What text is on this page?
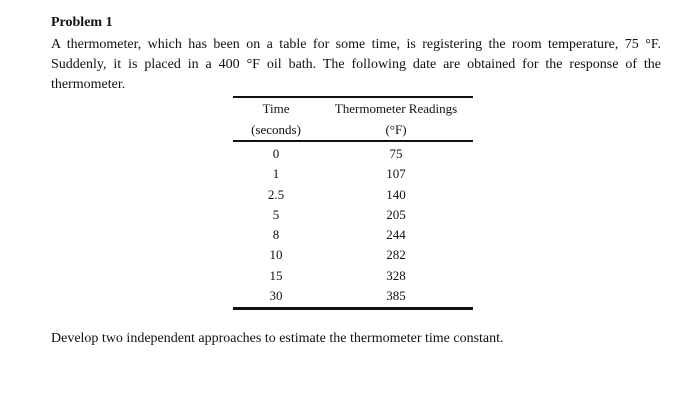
Problem 1

A thermometer, which has been on a table for some time, is registering the room temperature, 75 °F. Suddenly, it is placed in a 400 °F oil bath. The following date are obtained for the response of the thermometer.

Time	Thermometer Readings
(seconds)	(°F)
0	75
1	107
2.5	140
5	205
8	244
10	282
15	328
30	385

Develop two independent approaches to estimate the thermometer time constant.
